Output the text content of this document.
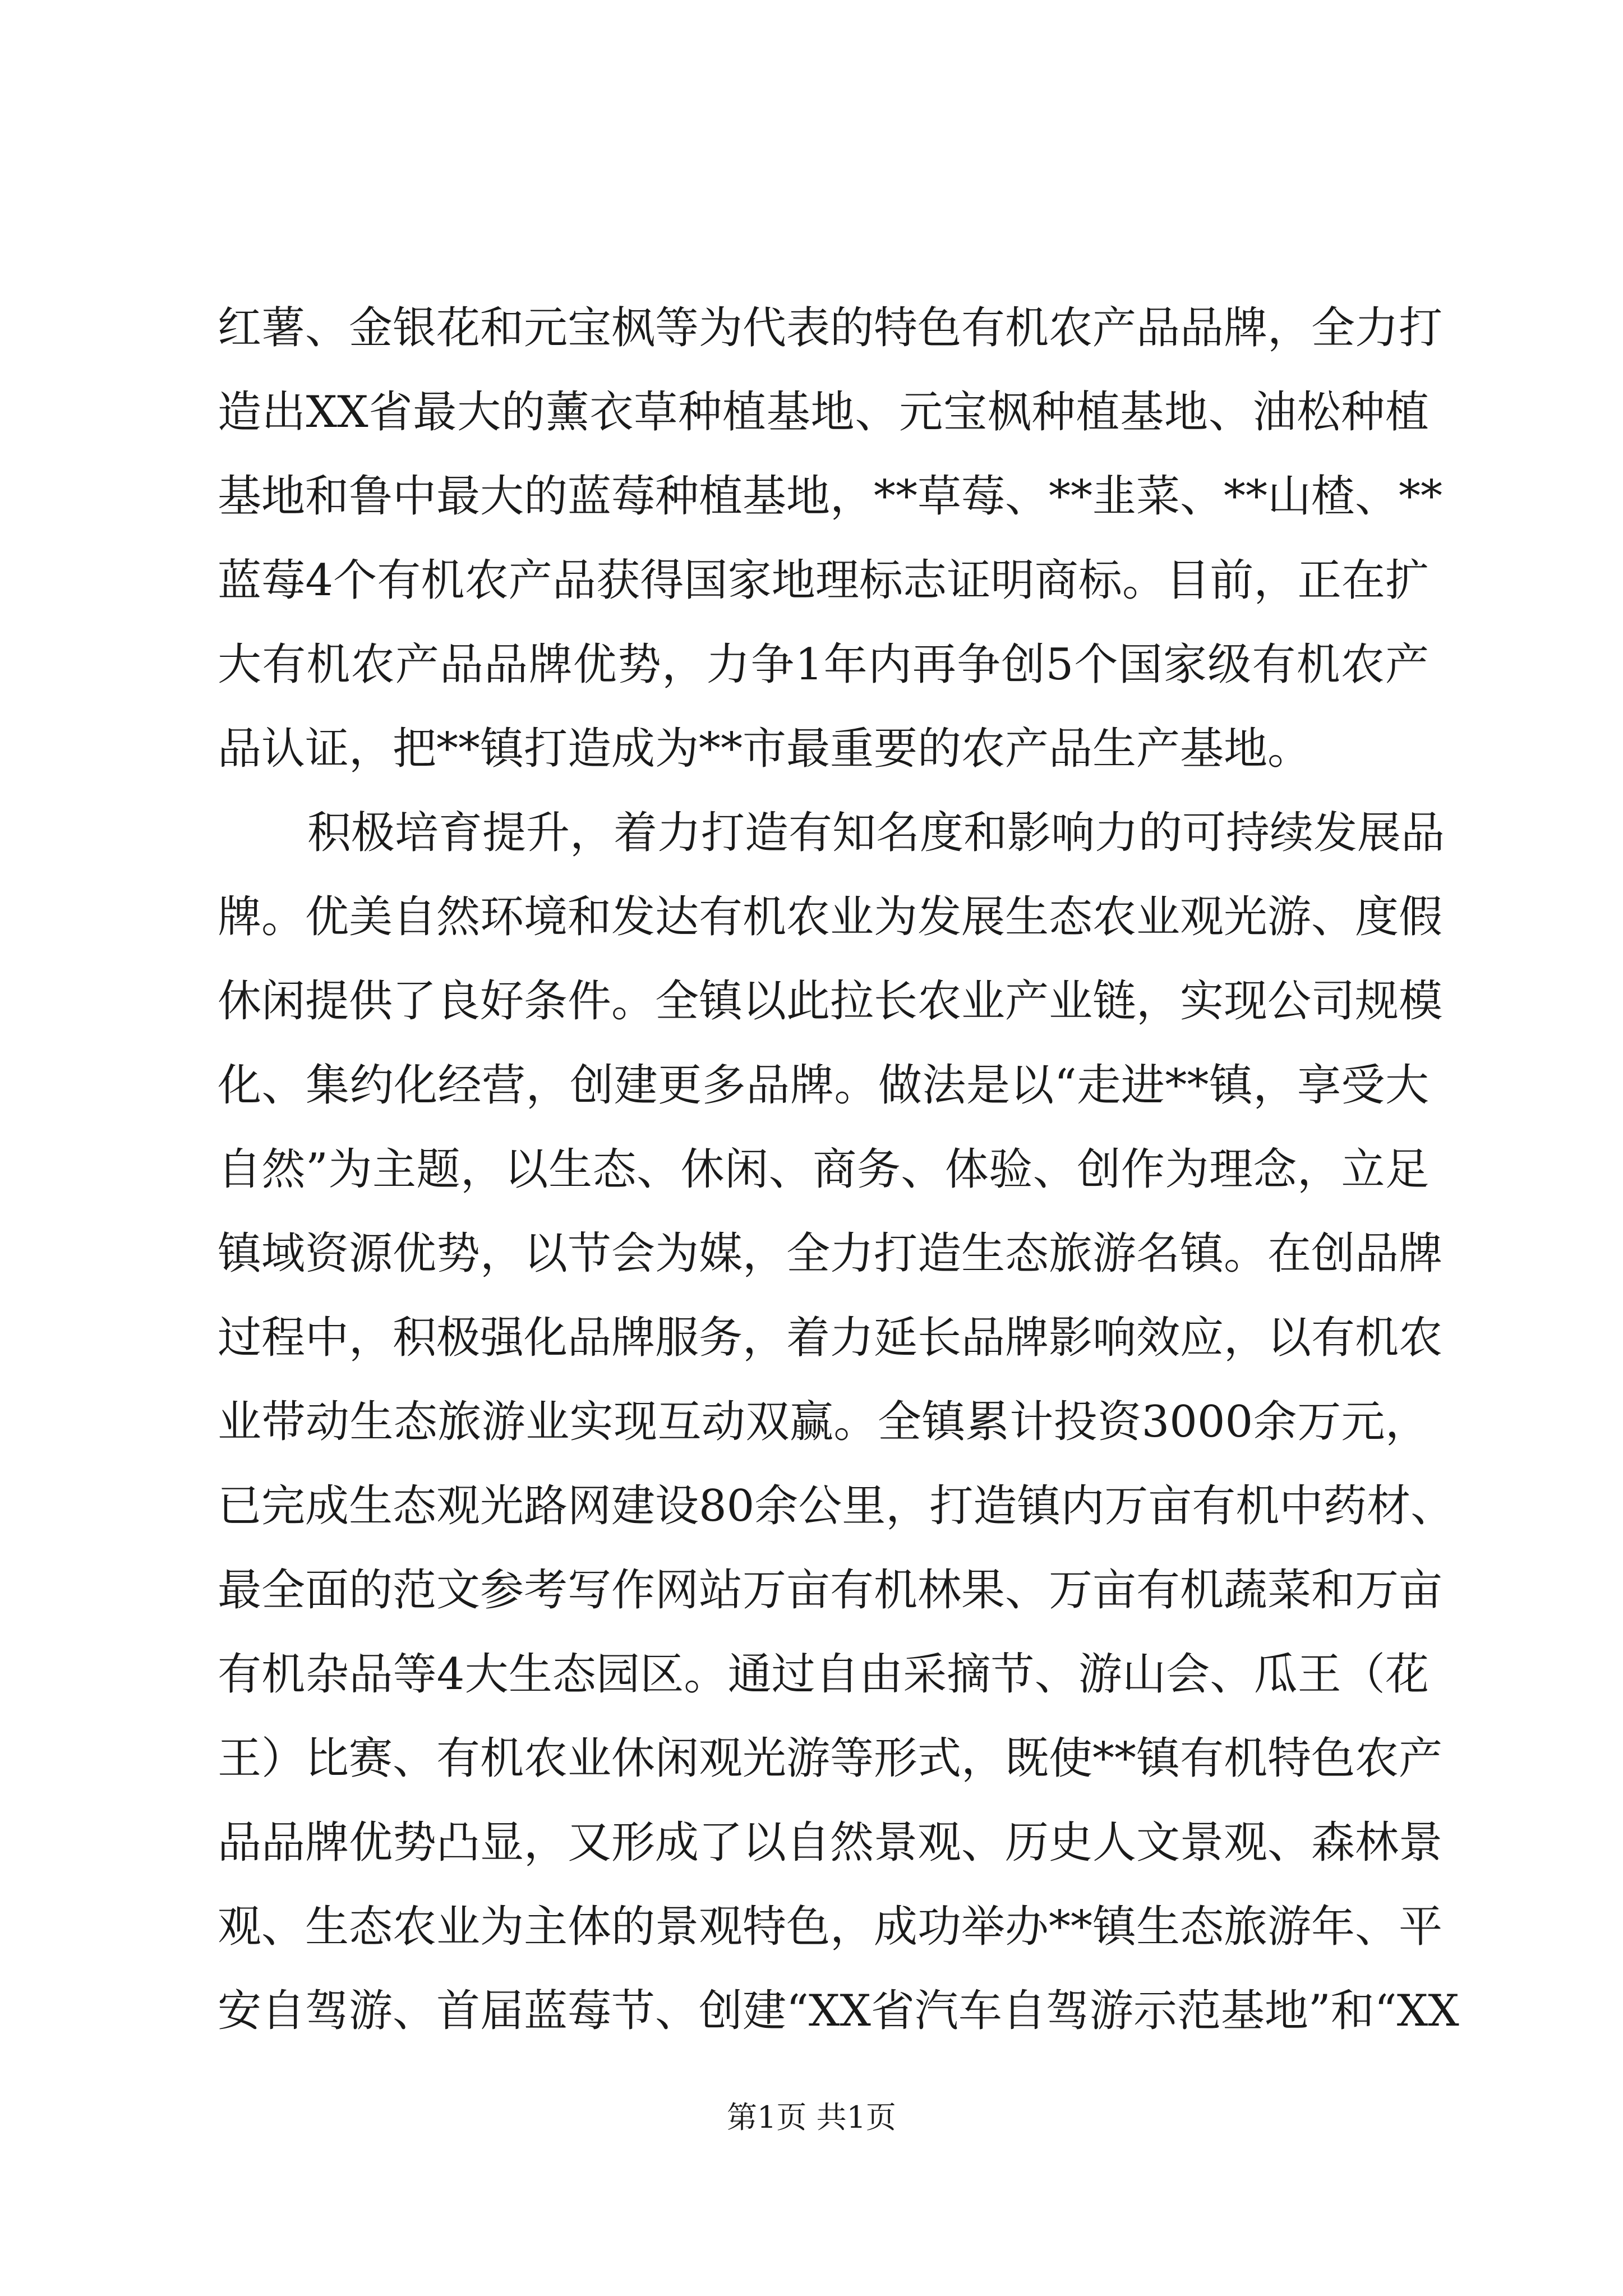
红薯、金银花和元宝枫等为代表的特色有机农产品品牌，全力打
造出XX省最大的薰衣草种植基地、元宝枫种植基地、油松种植
基地和鲁中最大的蓝莓种植基地，**草莓、**韭菜、**山楂、**
蓝莓4个有机农产品获得国家地理标志证明商标。目前，正在扩
大有机农产品品牌优势，力争1年内再争创5个国家级有机农产
品认证，把**镇打造成为**市最重要的农产品生产基地。
积极培育提升，着力打造有知名度和影响力的可持续发展品
牌。优美自然环境和发达有机农业为发展生态农业观光游、度假
休闲提供了良好条件。全镇以此拉长农业产业链，实现公司规模
化、集约化经营，创建更多品牌。做法是以“走进**镇，享受大
自然”为主题，以生态、休闲、商务、体验、创作为理念，立足
镇域资源优势，以节会为媒，全力打造生态旅游名镇。在创品牌
过程中，积极强化品牌服务，着力延长品牌影响效应，以有机农
业带动生态旅游业实现互动双赢。全镇累计投资3000余万元，
已完成生态观光路网建设80余公里，打造镇内万亩有机中药材、
最全面的范文参考写作网站万亩有机林果、万亩有机蔬菜和万亩
有机杂品等4大生态园区。通过自由采摘节、游山会、瓜王（花
王）比赛、有机农业休闲观光游等形式，既使**镇有机特色农产
品品牌优势凸显，又形成了以自然景观、历史人文景观、森林景
观、生态农业为主体的景观特色，成功举办**镇生态旅游年、平
安自驾游、首届蓝莓节、创建“XX省汽车自驾游示范基地”和“XX
第1页 共1页
